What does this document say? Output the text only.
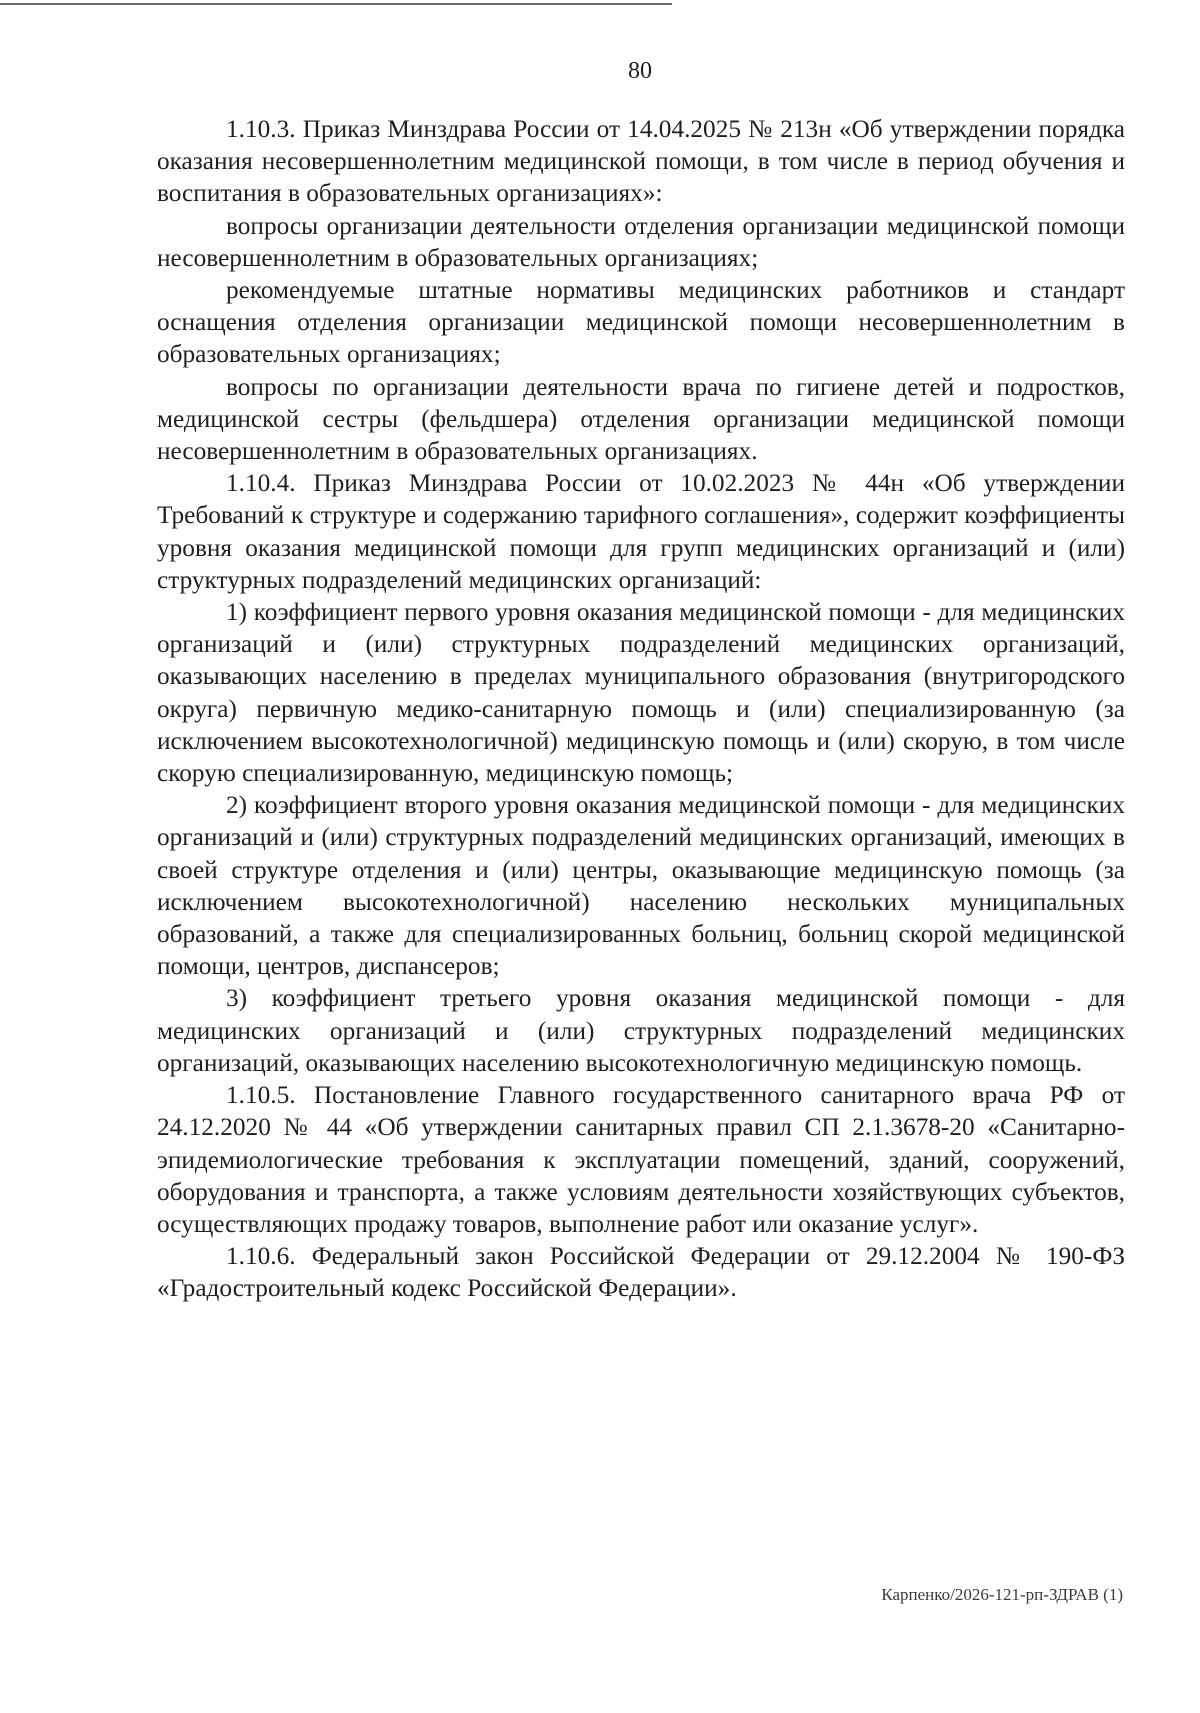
80

1.10.3. Приказ Минздрава России от 14.04.2025 № 213н «Об утверждении порядка оказания несовершеннолетним медицинской помощи, в том числе в период обучения и воспитания в образовательных организациях»:

вопросы организации деятельности отделения организации медицинской помощи несовершеннолетним в образовательных организациях;

рекомендуемые штатные нормативы медицинских работников и стандарт оснащения отделения организации медицинской помощи несовершеннолетним в образовательных организациях;

вопросы по организации деятельности врача по гигиене детей и подростков, медицинской сестры (фельдшера) отделения организации медицинской помощи несовершеннолетним в образовательных организациях.

1.10.4. Приказ Минздрава России от 10.02.2023 № 44н «Об утверждении Требований к структуре и содержанию тарифного соглашения», содержит коэффициенты уровня оказания медицинской помощи для групп медицинских организаций и (или) структурных подразделений медицинских организаций:

1) коэффициент первого уровня оказания медицинской помощи - для медицинских организаций и (или) структурных подразделений медицинских организаций, оказывающих населению в пределах муниципального образования (внутригородского округа) первичную медико-санитарную помощь и (или) специализированную (за исключением высокотехнологичной) медицинскую помощь и (или) скорую, в том числе скорую специализированную, медицинскую помощь;

2) коэффициент второго уровня оказания медицинской помощи - для медицинских организаций и (или) структурных подразделений медицинских организаций, имеющих в своей структуре отделения и (или) центры, оказывающие медицинскую помощь (за исключением высокотехнологичной) населению нескольких муниципальных образований, а также для специализированных больниц, больниц скорой медицинской помощи, центров, диспансеров;

3) коэффициент третьего уровня оказания медицинской помощи - для медицинских организаций и (или) структурных подразделений медицинских организаций, оказывающих населению высокотехнологичную медицинскую помощь.

1.10.5. Постановление Главного государственного санитарного врача РФ от 24.12.2020 № 44 «Об утверждении санитарных правил СП 2.1.3678-20 «Санитарно-эпидемиологические требования к эксплуатации помещений, зданий, сооружений, оборудования и транспорта, а также условиям деятельности хозяйствующих субъектов, осуществляющих продажу товаров, выполнение работ или оказание услуг».

1.10.6. Федеральный закон Российской Федерации от 29.12.2004 № 190-ФЗ «Градостроительный кодекс Российской Федерации».

Карпенко/2026-121-рп-ЗДРАВ (1)
